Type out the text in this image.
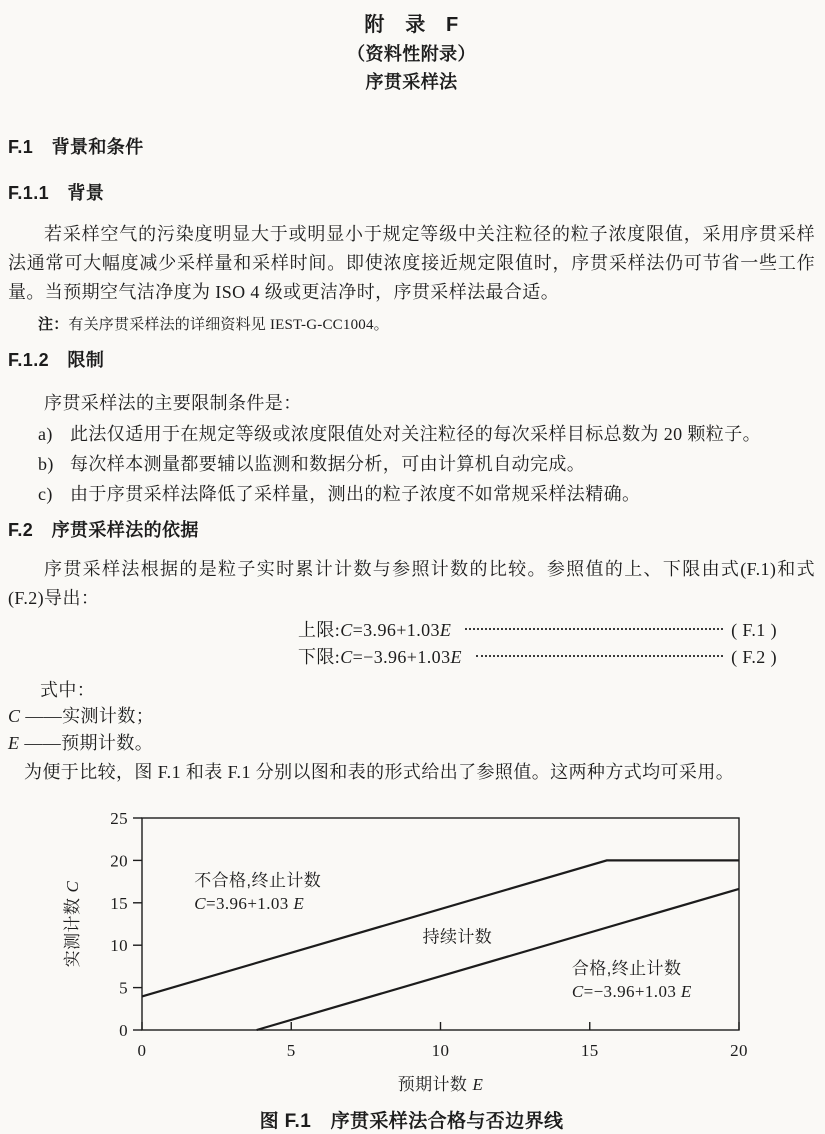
附　录　F
（资料性附录）
序贯采样法
F.1　背景和条件
F.1.1　背景
若采样空气的污染度明显大于或明显小于规定等级中关注粒径的粒子浓度限值，采用序贯采样法通常可大幅度减少采样量和采样时间。即使浓度接近规定限值时，序贯采样法仍可节省一些工作量。当预期空气洁净度为 ISO 4 级或更洁净时，序贯采样法最合适。
注：有关序贯采样法的详细资料见 IEST-G-CC1004。
F.1.2　限制
序贯采样法的主要限制条件是：
a) 此法仅适用于在规定等级或浓度限值处对关注粒径的每次采样目标总数为 20 颗粒子。
b) 每次样本测量都要辅以监测和数据分析，可由计算机自动完成。
c) 由于序贯采样法降低了采样量，测出的粒子浓度不如常规采样法精确。
F.2　序贯采样法的依据
序贯采样法根据的是粒子实时累计计数与参照计数的比较。参照值的上、下限由式(F.1)和式(F.2)导出：
上限: C =3.96+1.03 E	( F.1 )
下限: C =−3.96+1.03 E	( F.2 )
式中：
C ——实测计数；
E ——预期计数。
为便于比较，图 F.1 和表 F.1 分别以图和表的形式给出了参照值。这两种方式均可采用。
0
5
10
15
20
25
0	5	10	15	20
不合格,终止计数 C=3.96+1.03 E
持续计数
合格,终止计数 C=−3.96+1.03 E
预期计数 E
实测计数 C
图 F.1　序贯采样法合格与否边界线
